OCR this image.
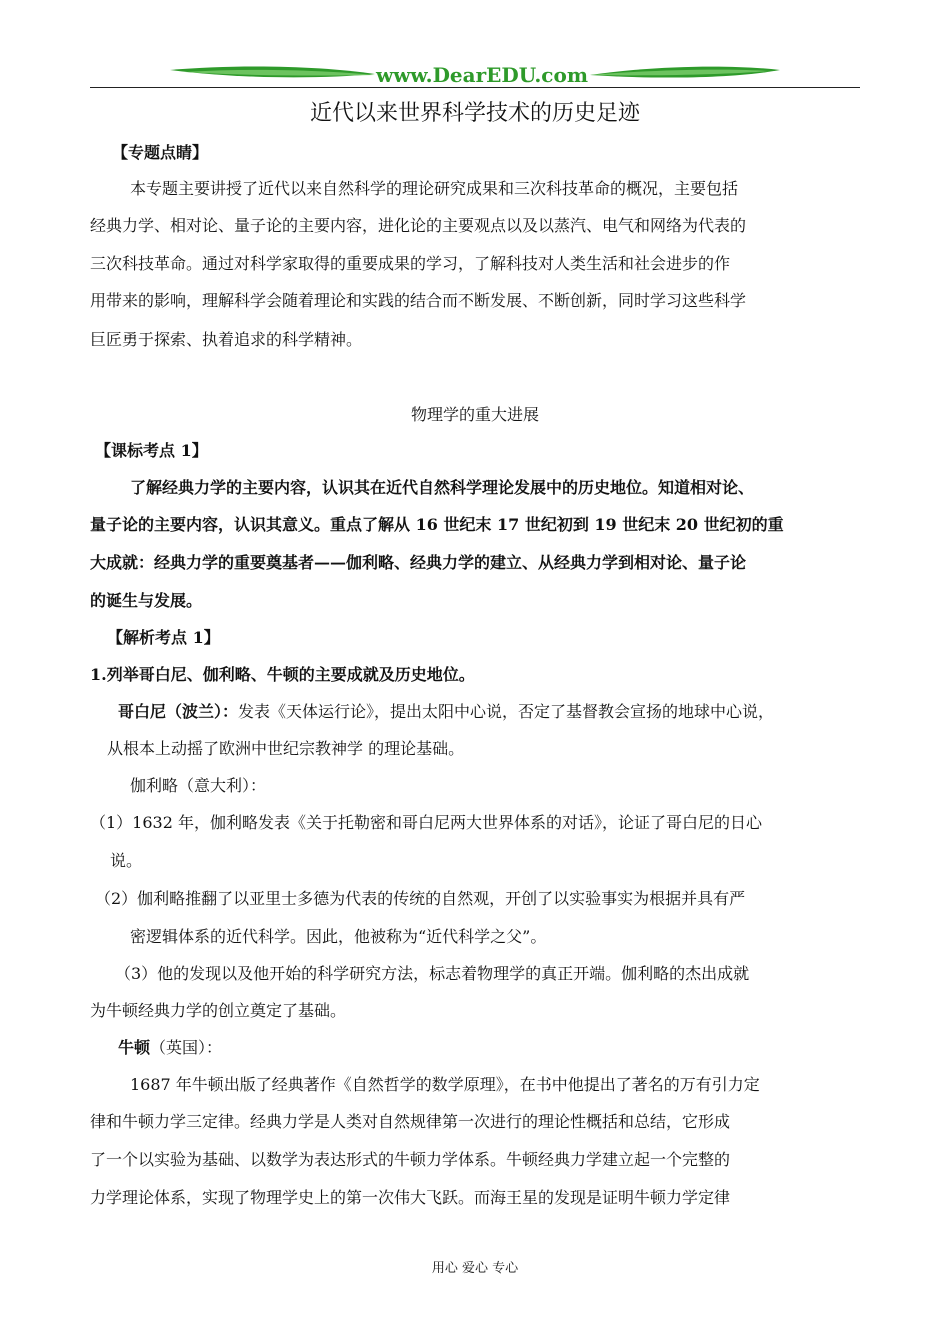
www.DearEDU.com
近代以来世界科学技术的历史足迹
【专题点睛】
本专题主要讲授了近代以来自然科学的理论研究成果和三次科技革命的概况，主要包括
经典力学、相对论、量子论的主要内容，进化论的主要观点以及以蒸汽、电气和网络为代表的
三次科技革命。通过对科学家取得的重要成果的学习，了解科技对人类生活和社会进步的作
用带来的影响，理解科学会随着理论和实践的结合而不断发展、不断创新，同时学习这些科学
巨匠勇于探索、执着追求的科学精神。
物理学的重大进展
【课标考点 1】
了解经典力学的主要内容，认识其在近代自然科学理论发展中的历史地位。知道相对论、
量子论的主要内容，认识其意义。重点了解从 16 世纪末 17 世纪初到 19 世纪末 20 世纪初的重
大成就：经典力学的重要奠基者——伽利略、经典力学的建立、从经典力学到相对论、量子论
的诞生与发展。
【解析考点 1】
1.列举哥白尼、伽利略、牛顿的主要成就及历史地位。
哥白尼（波兰）：发表《天体运行论》，提出太阳中心说，否定了基督教会宣扬的地球中心说，
从根本上动摇了欧洲中世纪宗教神学 的理论基础。
伽利略（意大利）：
（1）1632 年，伽利略发表《关于托勒密和哥白尼两大世界体系的对话》，论证了哥白尼的日心
说。
（2）伽利略推翻了以亚里士多德为代表的传统的自然观，开创了以实验事实为根据并具有严
密逻辑体系的近代科学。因此，他被称为“近代科学之父”。
（3）他的发现以及他开始的科学研究方法，标志着物理学的真正开端。伽利略的杰出成就
为牛顿经典力学的创立奠定了基础。
牛顿（英国）：
1687 年牛顿出版了经典著作《自然哲学的数学原理》，在书中他提出了著名的万有引力定
律和牛顿力学三定律。经典力学是人类对自然规律第一次进行的理论性概括和总结，它形成
了一个以实验为基础、以数学为表达形式的牛顿力学体系。牛顿经典力学建立起一个完整的
力学理论体系，实现了物理学史上的第一次伟大飞跃。而海王星的发现是证明牛顿力学定律
用心 爱心 专心
